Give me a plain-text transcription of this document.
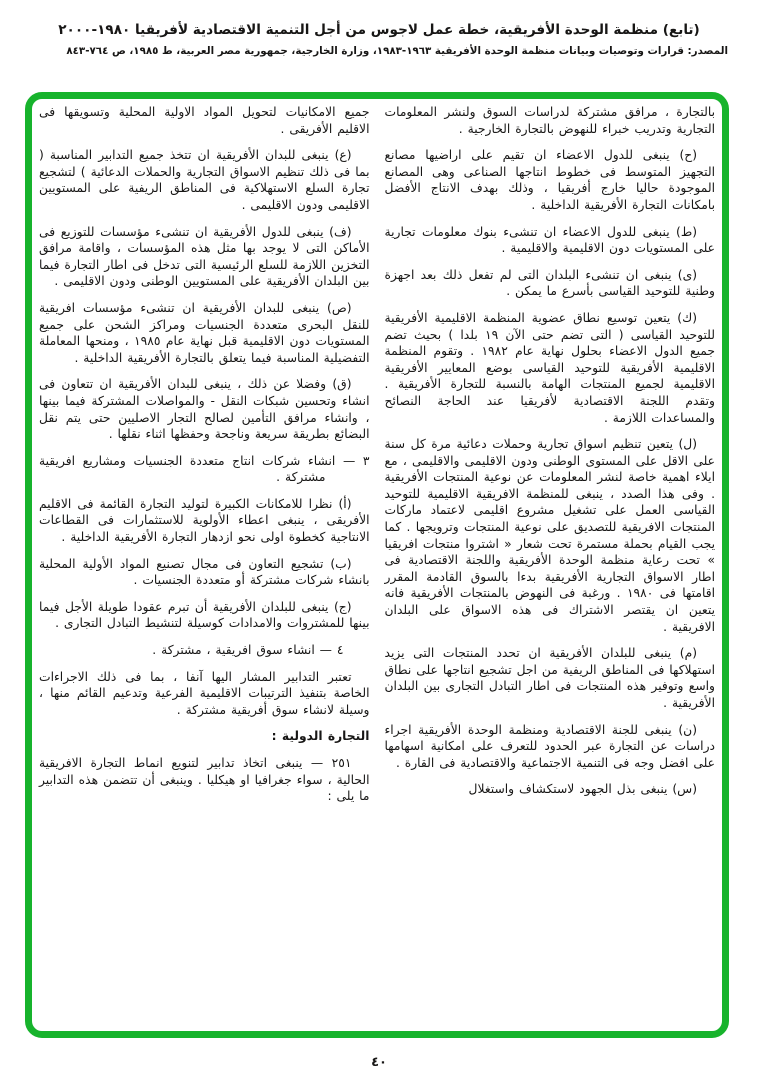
(تابع) منظمة الوحدة الأفريقية، خطة عمل لاجوس من أجل التنمية الاقتصادية لأفريقيا ١٩٨٠-٢٠٠٠
المصدر: قرارات وتوصيات وبيانات منظمة الوحدة الأفريقية ١٩٦٣-١٩٨٣، وزارة الخارجية، جمهورية مصر العربية، ط ١٩٨٥، ص ٧٦٤-٨٤٣

بالتجارة ، مرافق مشتركة لدراسات السوق ولنشر المعلومات التجارية وتدريب خبراء للنهوض بالتجارة الخارجية .

(ح) ينبغى للدول الاعضاء ان تقيم على اراضيها مصانع التجهيز المتوسط فى خطوط انتاجها الصناعى وهى المصانع الموجودة حاليا خارج أفريقيا ، وذلك بهدف الانتاج الأفضل بامكانات التجارة الأفريقية الداخلية .

(ط) ينبغى للدول الاعضاء ان تنشىء بنوك معلومات تجارية على المستويات دون الاقليمية والاقليمية .

(ى) ينبغى ان تنشىء البلدان التى لم تفعل ذلك بعد اجهزة وطنية للتوحيد القياسى بأسرع ما يمكن .

(ك) يتعين توسيع نطاق عضوية المنظمة الاقليمية الأفريقية للتوحيد القياسى ( التى تضم حتى الآن ١٩ بلدا ) بحيث تضم جميع الدول الاعضاء بحلول نهاية عام ١٩٨٢ . وتقوم المنظمة الاقليمية الأفريقية للتوحيد القياسى بوضع المعايير الأفريقية الاقليمية لجميع المنتجات الهامة بالنسبة للتجارة الأفريقية . وتقدم اللجنة الاقتصادية لأفريقيا عند الحاجة النصائح والمساعدات اللازمة .

(ل) يتعين تنظيم اسواق تجارية وحملات دعائية مرة كل سنة على الاقل على المستوى الوطنى ودون الاقليمى والاقليمى ، مع ايلاء اهمية خاصة لنشر المعلومات عن نوعية المنتجات الأفريقية . وفى هذا الصدد ، ينبغى للمنظمة الافريقية الاقليمية للتوحيد القياسى العمل على تشغيل مشروع اقليمى لاعتماد ماركات المنتجات الافريقية للتصديق على نوعية المنتجات وترويجها . كما يجب القيام بحملة مستمرة تحت شعار « اشتروا منتجات افريقيا » تحت رعاية منظمة الوحدة الأفريقية واللجنة الاقتصادية فى اطار الاسواق التجارية الأفريقية بدءا بالسوق القادمة المقرر اقامتها فى ١٩٨٠ . ورغبة فى النهوض بالمنتجات الأفريقية فانه يتعين ان يقتصر الاشتراك فى هذه الاسواق على البلدان الافريقية .

(م) ينبغى للبلدان الأفريقية ان تحدد المنتجات التى يزيد استهلاكها فى المناطق الريفية من اجل تشجيع انتاجها على نطاق واسع وتوفير هذه المنتجات فى اطار التبادل التجارى بين البلدان الأفريقية .

(ن) ينبغى للجنة الاقتصادية ومنظمة الوحدة الأفريقية اجراء دراسات عن التجارة عبر الحدود للتعرف على امكانية اسهامها على افضل وجه فى التنمية الاجتماعية والاقتصادية فى القارة .

(س) ينبغى بذل الجهود لاستكشاف واستغلال

جميع الامكانيات لتحويل المواد الاولية المحلية وتسويقها فى الاقليم الأفريقى .

(ع) ينبغى للبدان الأفريقية ان تتخذ جميع التدابير المناسبة ( بما فى ذلك تنظيم الاسواق التجارية والحملات الدعائية ) لتشجيع تجارة السلع الاستهلاكية فى المناطق الريفية على المستويين الاقليمى ودون الاقليمى .

(ف) ينبغى للدول الأفريقية ان تنشىء مؤسسات للتوزيع فى الأماكن التى لا يوجد بها مثل هذه المؤسسات ، واقامة مرافق التخزين اللازمة للسلع الرئيسية التى تدخل فى اطار التجارة فيما بين البلدان الأفريقية على المستويين الوطنى ودون الاقليمى .

(ص) ينبغى للبدان الأفريقية ان تنشىء مؤسسات افريقية للنقل البحرى متعددة الجنسيات ومراكز الشحن على جميع المستويات دون الاقليمية قبل نهاية عام ١٩٨٥ ، ومنحها المعاملة التفضيلية المناسبة فيما يتعلق بالتجارة الأفريقية الداخلية .

(ق) وفضلا عن ذلك ، ينبغى للبدان الأفريقية ان تتعاون فى انشاء وتحسين شبكات النقل - والمواصلات المشتركة فيما بينها ، وانشاء مرافق التأمين لصالح التجار الاصليين حتى يتم نقل البضائع بطريقة سريعة وناجحة وحفظها اثناء نقلها .

٣ — انشاء شركات انتاج متعددة الجنسيات ومشاريع افريقية مشتركة .

(أ) نظرا للامكانات الكبيرة لتوليد التجارة القائمة فى الاقليم الأفريقى ، ينبغى اعطاء الأولوية للاستثمارات فى القطاعات الانتاجية كخطوة اولى نحو ازدهار التجارة الأفريقية الداخلية .

(ب) تشجيع التعاون فى مجال تصنيع المواد الأولية المحلية بانشاء شركات مشتركة أو متعددة الجنسيات .

(ج) ينبغى للبلدان الأفريقية أن تبرم عقودا طويلة الأجل فيما بينها للمشتروات والامدادات كوسيلة لتنشيط التبادل التجارى .

٤ — انشاء سوق افريقية ، مشتركة .

تعتبر التدابير المشار اليها آنفا ، بما فى ذلك الاجراءات الخاصة بتنفيذ الترتيبات الاقليمية الفرعية وتدعيم القائم منها ، وسيلة لانشاء سوق أفريقية مشتركة .

التجارة الدولية :

٢٥١ — ينبغى اتخاذ تدابير لتنويع انماط التجارة الافريقية الحالية ، سواء جغرافيا او هيكليا . وينبغى أن تتضمن هذه التدابير ما يلى :

٤٠
